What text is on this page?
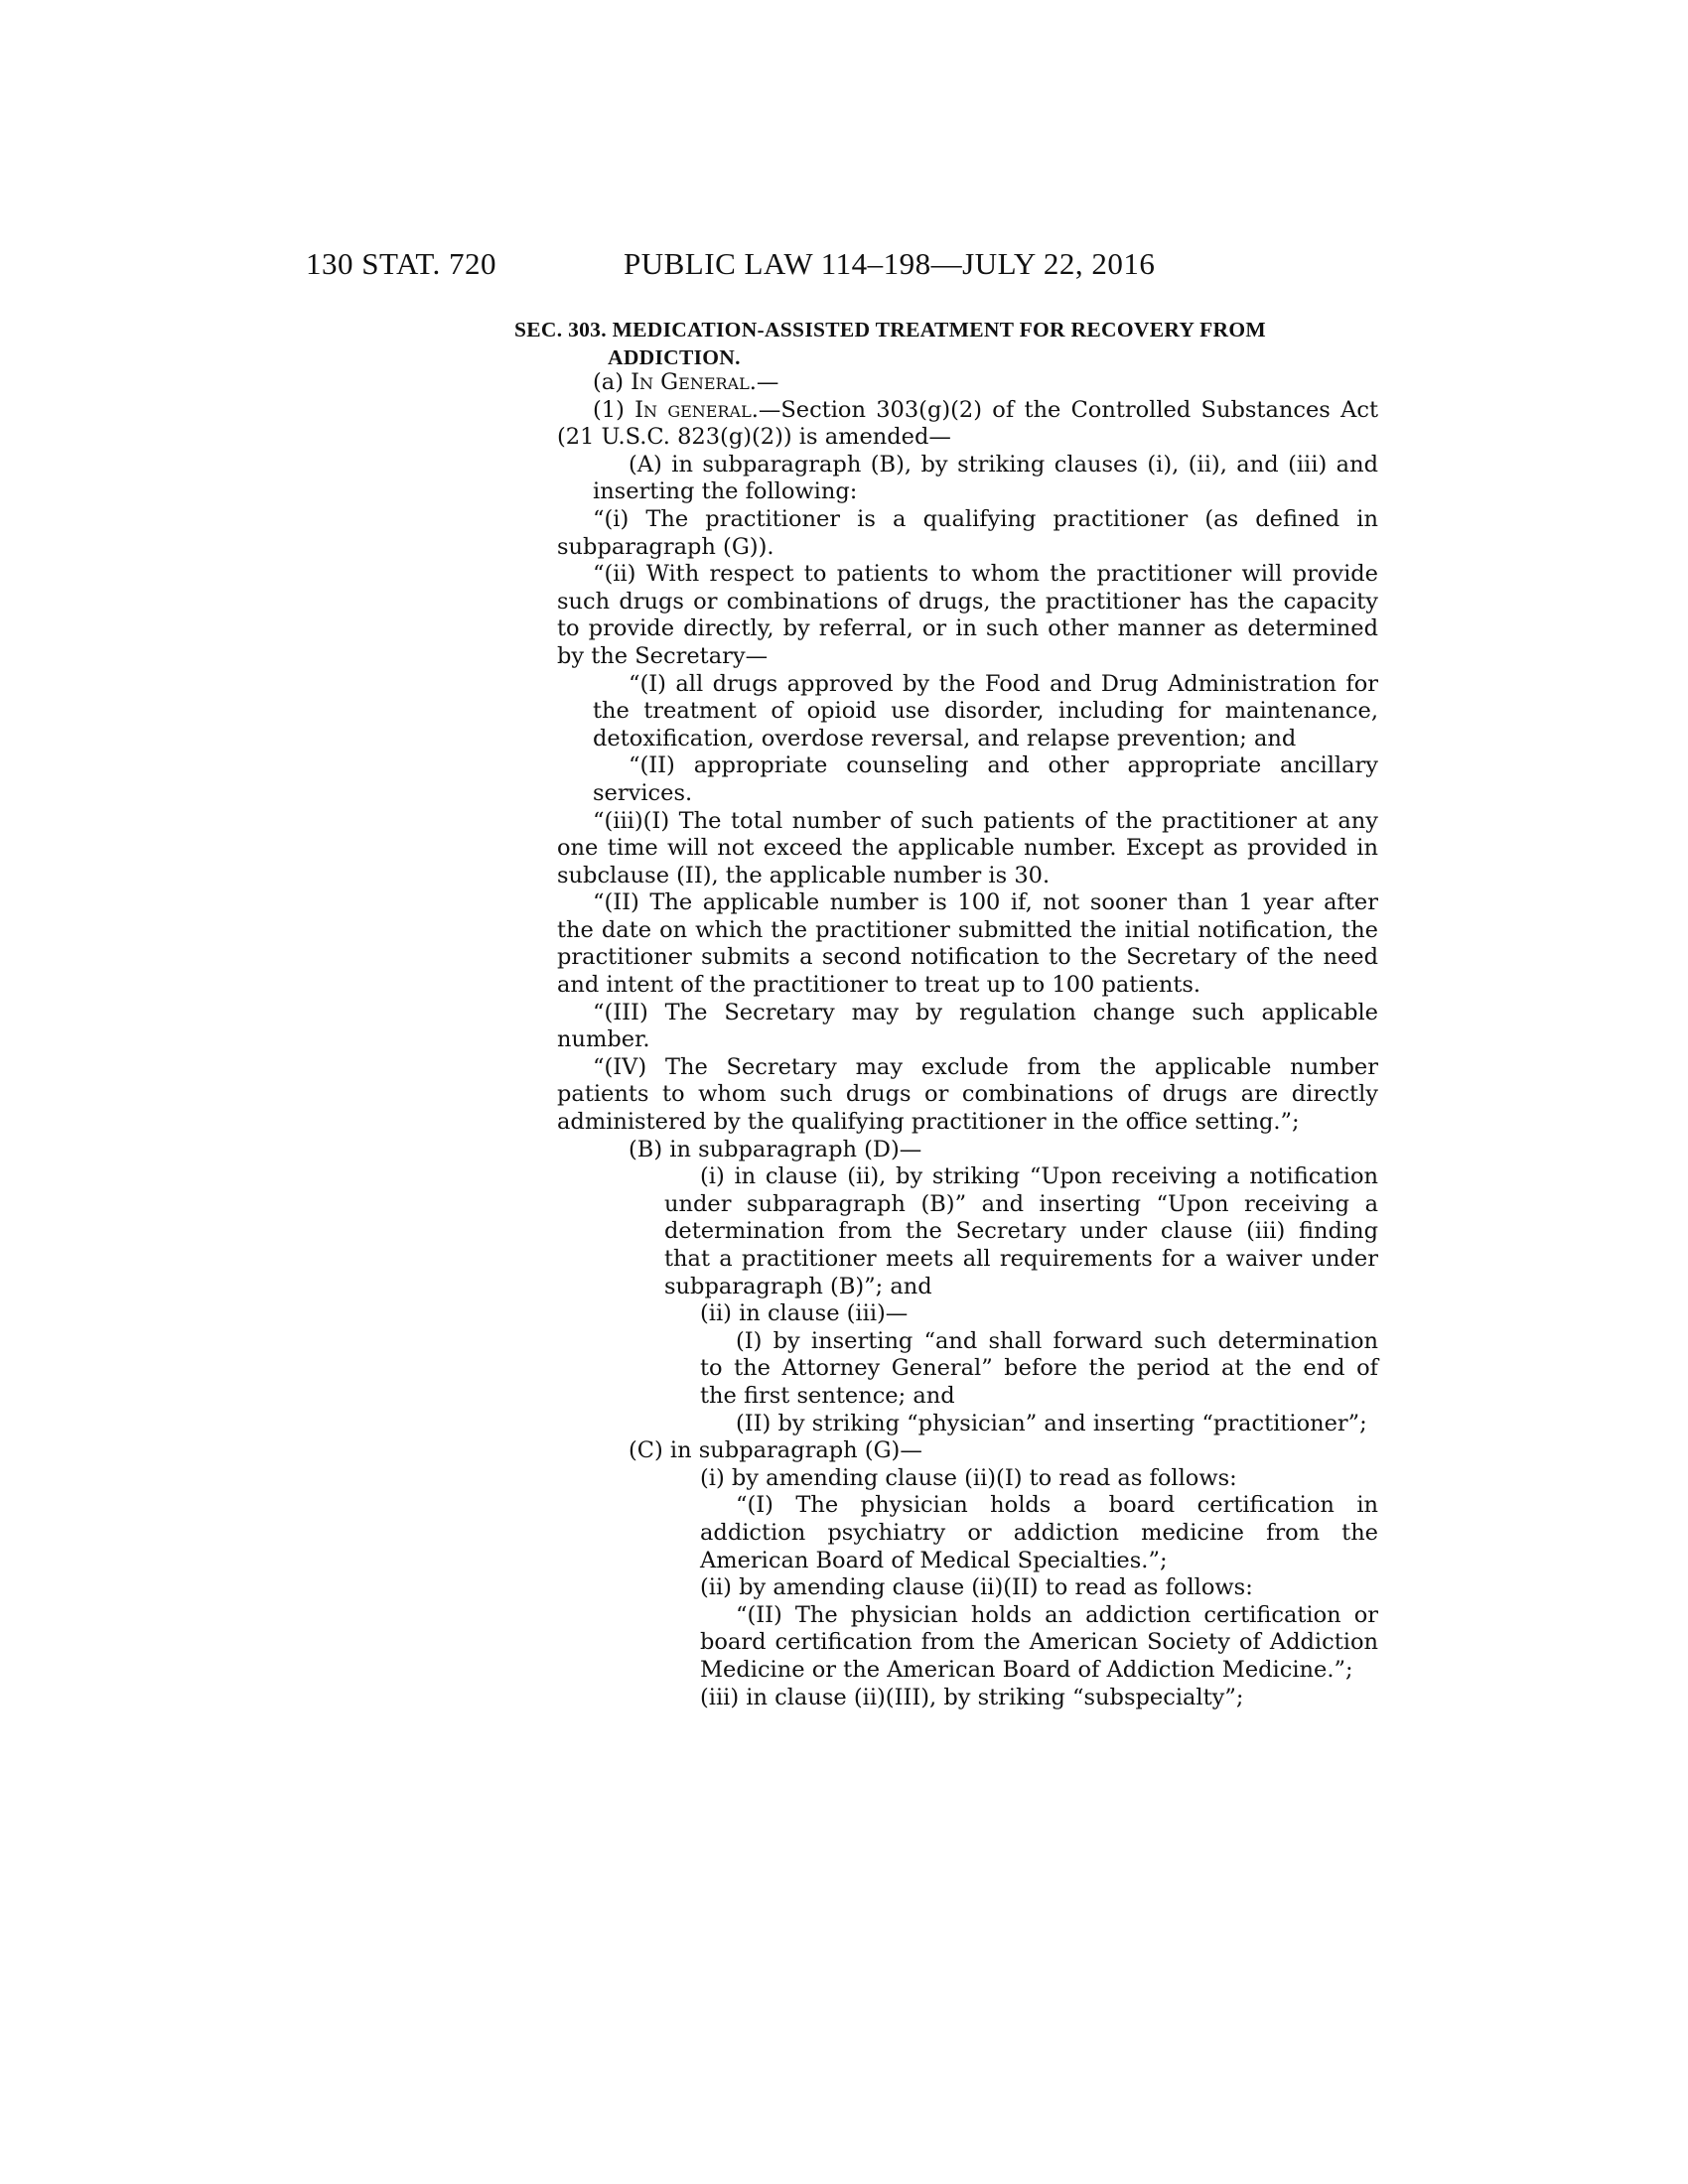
130 STAT. 720	PUBLIC LAW 114–198—JULY 22, 2016
SEC. 303. MEDICATION-ASSISTED TREATMENT FOR RECOVERY FROM
ADDICTION.

(a) In General.—

(1) In general.—Section 303(g)(2) of the Controlled Substances Act (21 U.S.C. 823(g)(2)) is amended—

(A) in subparagraph (B), by striking clauses (i), (ii), and (iii) and inserting the following:

“(i) The practitioner is a qualifying practitioner (as defined in subparagraph (G)).

“(ii) With respect to patients to whom the practitioner will provide such drugs or combinations of drugs, the practitioner has the capacity to provide directly, by referral, or in such other manner as determined by the Secretary—

“(I) all drugs approved by the Food and Drug Administration for the treatment of opioid use disorder, including for maintenance, detoxification, overdose reversal, and relapse prevention; and

“(II) appropriate counseling and other appropriate ancillary services.

“(iii)(I) The total number of such patients of the practitioner at any one time will not exceed the applicable number. Except as provided in subclause (II), the applicable number is 30.

“(II) The applicable number is 100 if, not sooner than 1 year after the date on which the practitioner submitted the initial notification, the practitioner submits a second notification to the Secretary of the need and intent of the practitioner to treat up to 100 patients.

“(III) The Secretary may by regulation change such applicable number.

“(IV) The Secretary may exclude from the applicable number patients to whom such drugs or combinations of drugs are directly administered by the qualifying practitioner in the office setting.”;

(B) in subparagraph (D)—

(i) in clause (ii), by striking “Upon receiving a notification under subparagraph (B)” and inserting “Upon receiving a determination from the Secretary under clause (iii) finding that a practitioner meets all requirements for a waiver under subparagraph (B)”; and

(ii) in clause (iii)—

(I) by inserting “and shall forward such determination to the Attorney General” before the period at the end of the first sentence; and

(II) by striking “physician” and inserting “practitioner”;

(C) in subparagraph (G)—

(i) by amending clause (ii)(I) to read as follows:

“(I) The physician holds a board certification in addiction psychiatry or addiction medicine from the American Board of Medical Specialties.”;

(ii) by amending clause (ii)(II) to read as follows:

“(II) The physician holds an addiction certification or board certification from the American Society of Addiction Medicine or the American Board of Addiction Medicine.”;

(iii) in clause (ii)(III), by striking “subspecialty”;
